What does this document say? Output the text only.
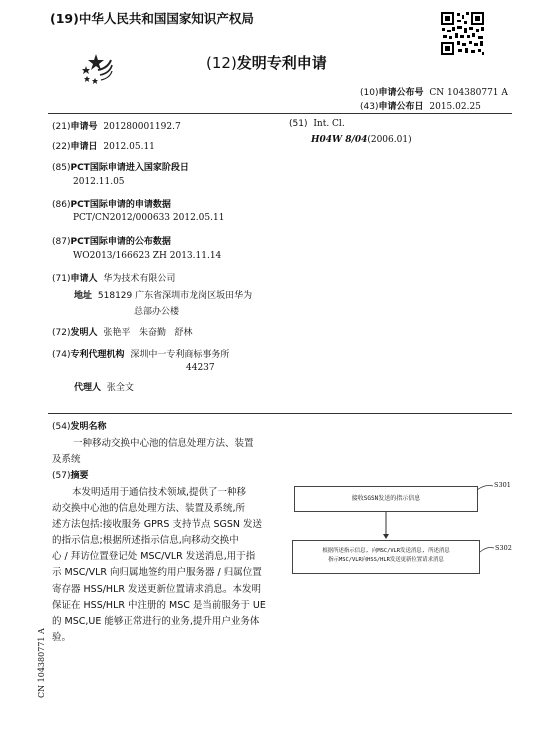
(19)中华人民共和国国家知识产权局
(12)发明专利申请
(10)申请公布号 CN 104380771 A
(43)申请公布日 2015.02.25
(21)申请号 201280001192.7
(22)申请日 2012.05.11
(85)PCT国际申请进入国家阶段日
2012.11.05
(86)PCT国际申请的申请数据
PCT/CN2012/000633 2012.05.11
(87)PCT国际申请的公布数据
WO2013/166623 ZH 2013.11.14
(71)申请人 华为技术有限公司
地址 518129 广东省深圳市龙岗区坂田华为
总部办公楼
(72)发明人 张艳平   朱奋勤   舒林
(74)专利代理机构 深圳中一专利商标事务所
44237
代理人 张全文
(51) Int. Cl.
H04W 8/04(2006.01)
(54)发明名称
一种移动交换中心池的信息处理方法、装置
及系统
(57)摘要
本发明适用于通信技术领域,提供了一种移
动交换中心池的信息处理方法、装置及系统,所
述方法包括:接收服务 GPRS 支持节点 SGSN 发送
的指示信息;根据所述指示信息,向移动交换中
心 / 拜访位置登记处 MSC/VLR 发送消息,用于指
示 MSC/VLR 向归属地签约用户服务器 / 归属位置
寄存器 HSS/HLR 发送更新位置请求消息。本发明
保证在 HSS/HLR 中注册的 MSC 是当前服务于 UE
的 MSC,UE 能够正常进行的业务,提升用户业务体
验。
接收SGSN发送的指示信息
S301
根据所述指示信息, 向MSC/VLR发送消息, 所述消息
指示MSC/VLR向HSS/HLR发送更新位置请求消息
S302
CN 104380771 A
